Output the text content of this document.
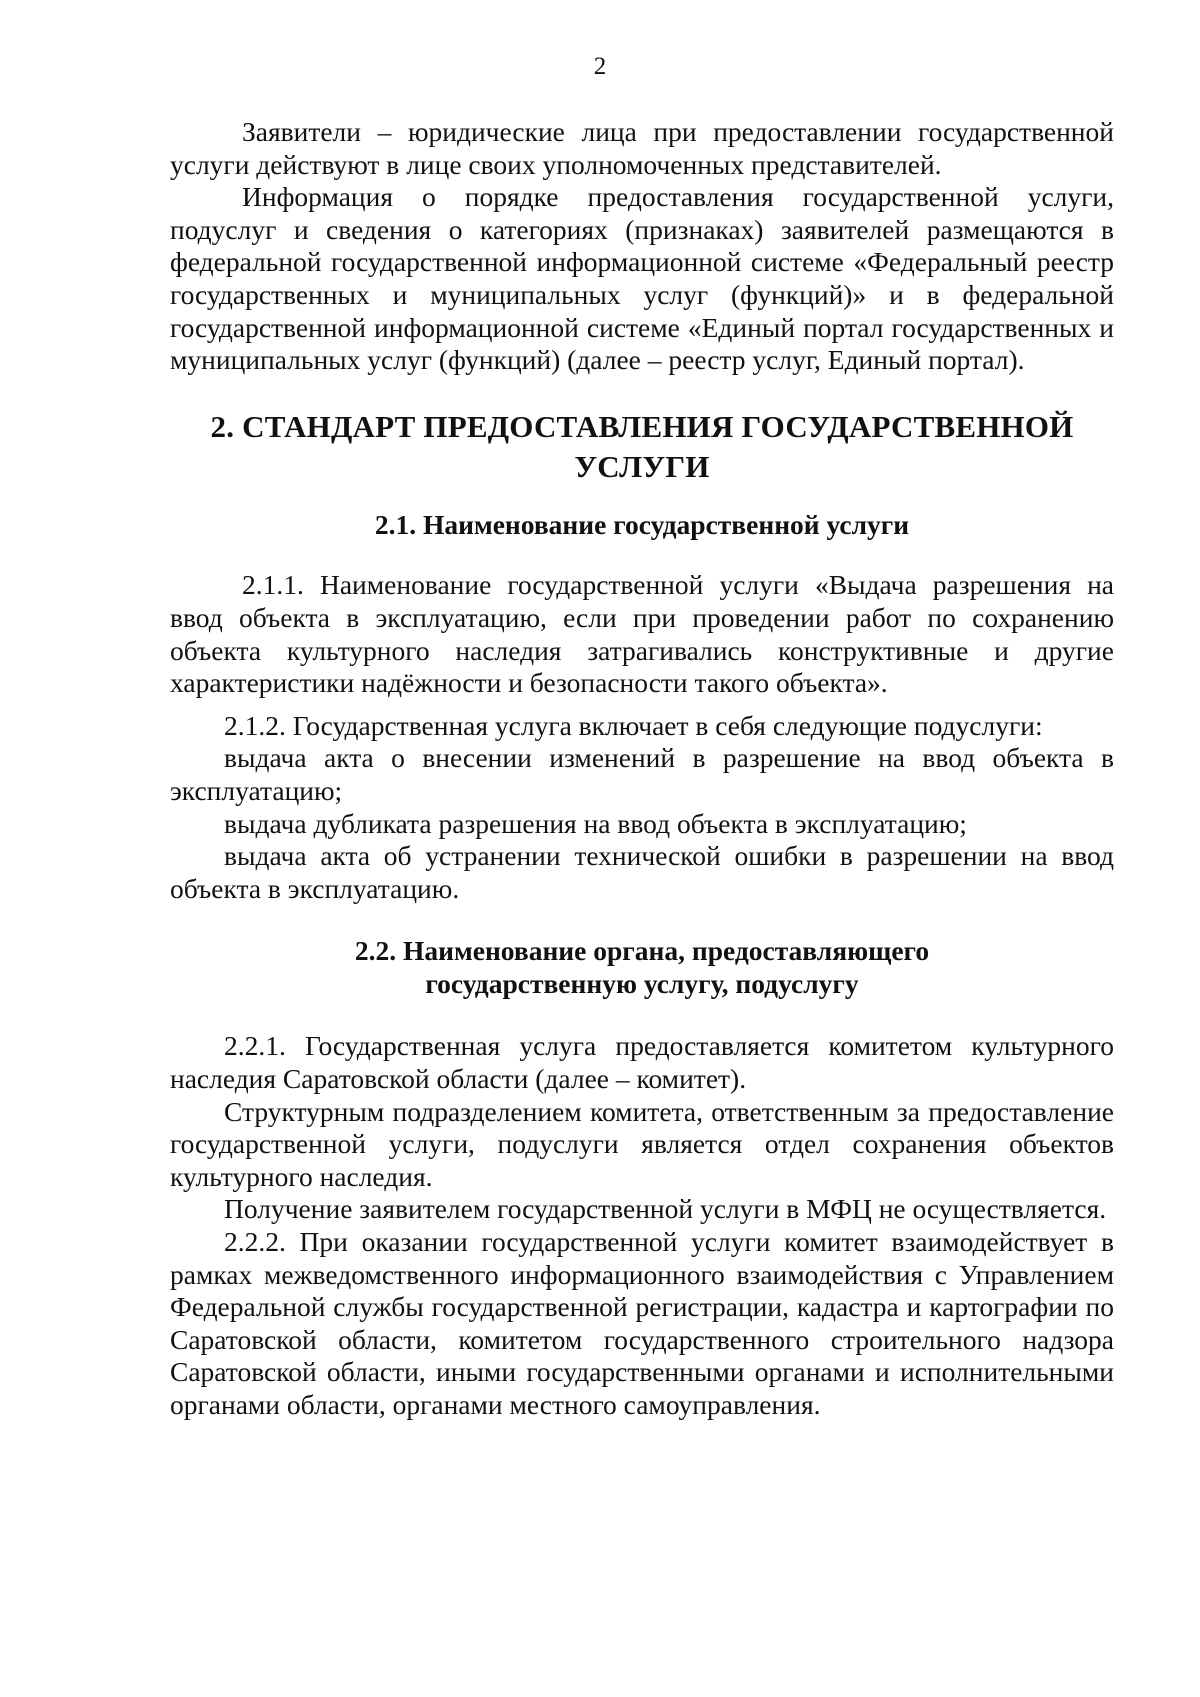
2

Заявители – юридические лица при предоставлении государственной услуги действуют в лице своих уполномоченных представителей.

Информация о порядке предоставления государственной услуги, подуслуг и сведения о категориях (признаках) заявителей размещаются в федеральной государственной информационной системе «Федеральный реестр государственных и муниципальных услуг (функций)» и в федеральной государственной информационной системе «Единый портал государственных и муниципальных услуг (функций) (далее – реестр услуг, Единый портал).

2. СТАНДАРТ ПРЕДОСТАВЛЕНИЯ ГОСУДАРСТВЕННОЙ УСЛУГИ
2.1. Наименование государственной услуги

2.1.1. Наименование государственной услуги «Выдача разрешения на ввод объекта в эксплуатацию, если при проведении работ по сохранению объекта культурного наследия затрагивались конструктивные и другие характеристики надёжности и безопасности такого объекта».

2.1.2. Государственная услуга включает в себя следующие подуслуги:

выдача акта о внесении изменений в разрешение на ввод объекта в эксплуатацию;

выдача дубликата разрешения на ввод объекта в эксплуатацию;

выдача акта об устранении технической ошибки в разрешении на ввод объекта в эксплуатацию.

2.2. Наименование органа, предоставляющего
государственную услугу, подуслугу

2.2.1. Государственная услуга предоставляется комитетом культурного наследия Саратовской области (далее – комитет).

Структурным подразделением комитета, ответственным за предоставление государственной услуги, подуслуги является отдел сохранения объектов культурного наследия.

Получение заявителем государственной услуги в МФЦ не осуществляется.

2.2.2. При оказании государственной услуги комитет взаимодействует в рамках межведомственного информационного взаимодействия с Управлением Федеральной службы государственной регистрации, кадастра и картографии по Саратовской области, комитетом государственного строительного надзора Саратовской области, иными государственными органами и исполнительными органами области, органами местного самоуправления.
